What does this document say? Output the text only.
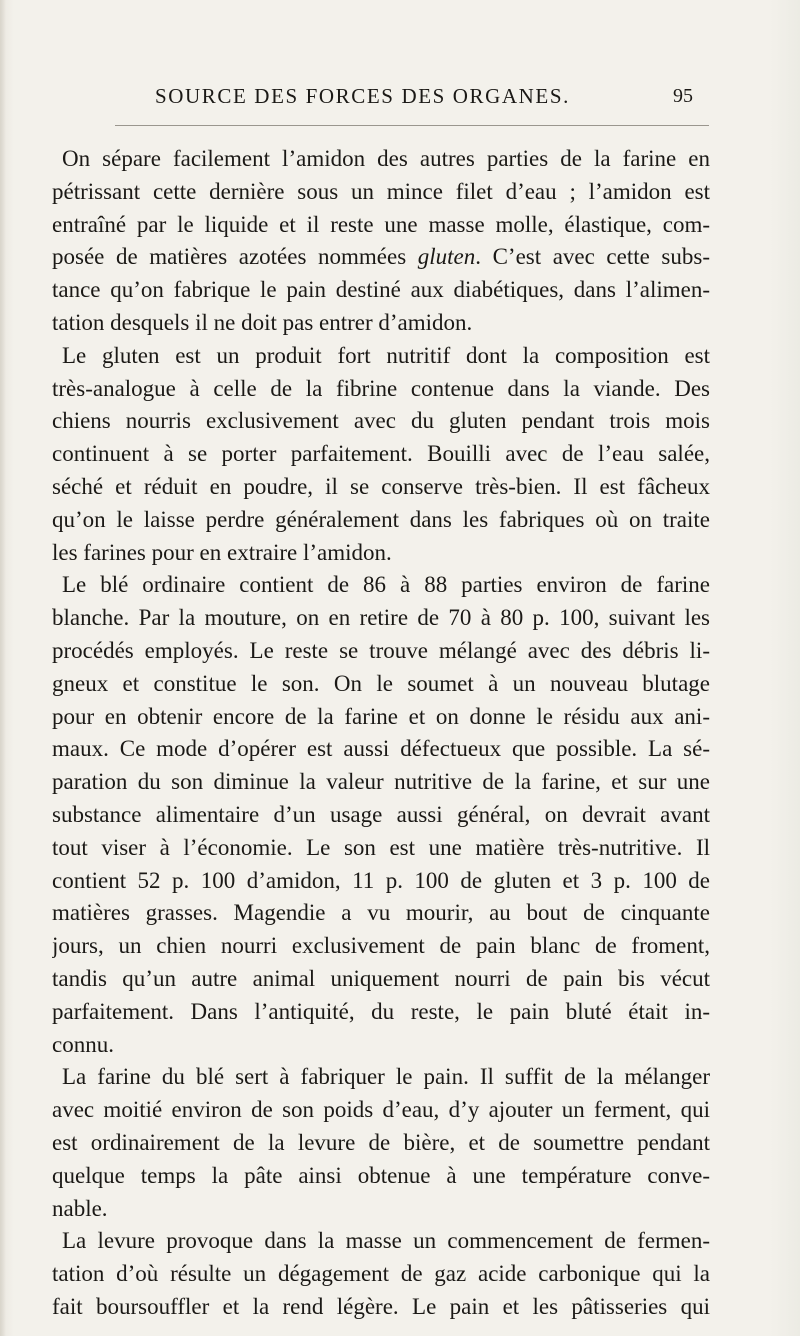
SOURCE DES FORCES DES ORGANES.	95
On sépare facilement l’amidon des autres parties de la farine en
pétrissant cette dernière sous un mince filet d’eau ; l’amidon est
entraîné par le liquide et il reste une masse molle, élastique, com-
posée de matières azotées nommées gluten. C’est avec cette subs-
tance qu’on fabrique le pain destiné aux diabétiques, dans l’alimen-
tation desquels il ne doit pas entrer d’amidon.
Le gluten est un produit fort nutritif dont la composition est
très-analogue à celle de la fibrine contenue dans la viande. Des
chiens nourris exclusivement avec du gluten pendant trois mois
continuent à se porter parfaitement. Bouilli avec de l’eau salée,
séché et réduit en poudre, il se conserve très-bien. Il est fâcheux
qu’on le laisse perdre généralement dans les fabriques où on traite
les farines pour en extraire l’amidon.
Le blé ordinaire contient de 86 à 88 parties environ de farine
blanche. Par la mouture, on en retire de 70 à 80 p. 100, suivant les
procédés employés. Le reste se trouve mélangé avec des débris li-
gneux et constitue le son. On le soumet à un nouveau blutage
pour en obtenir encore de la farine et on donne le résidu aux ani-
maux. Ce mode d’opérer est aussi défectueux que possible. La sé-
paration du son diminue la valeur nutritive de la farine, et sur une
substance alimentaire d’un usage aussi général, on devrait avant
tout viser à l’économie. Le son est une matière très-nutritive. Il
contient 52 p. 100 d’amidon, 11 p. 100 de gluten et 3 p. 100 de
matières grasses. Magendie a vu mourir, au bout de cinquante
jours, un chien nourri exclusivement de pain blanc de froment,
tandis qu’un autre animal uniquement nourri de pain bis vécut
parfaitement. Dans l’antiquité, du reste, le pain bluté était in-
connu.
La farine du blé sert à fabriquer le pain. Il suffit de la mélanger
avec moitié environ de son poids d’eau, d’y ajouter un ferment, qui
est ordinairement de la levure de bière, et de soumettre pendant
quelque temps la pâte ainsi obtenue à une température conve-
nable.
La levure provoque dans la masse un commencement de fermen-
tation d’où résulte un dégagement de gaz acide carbonique qui la
fait boursouffler et la rend légère. Le pain et les pâtisseries qui
